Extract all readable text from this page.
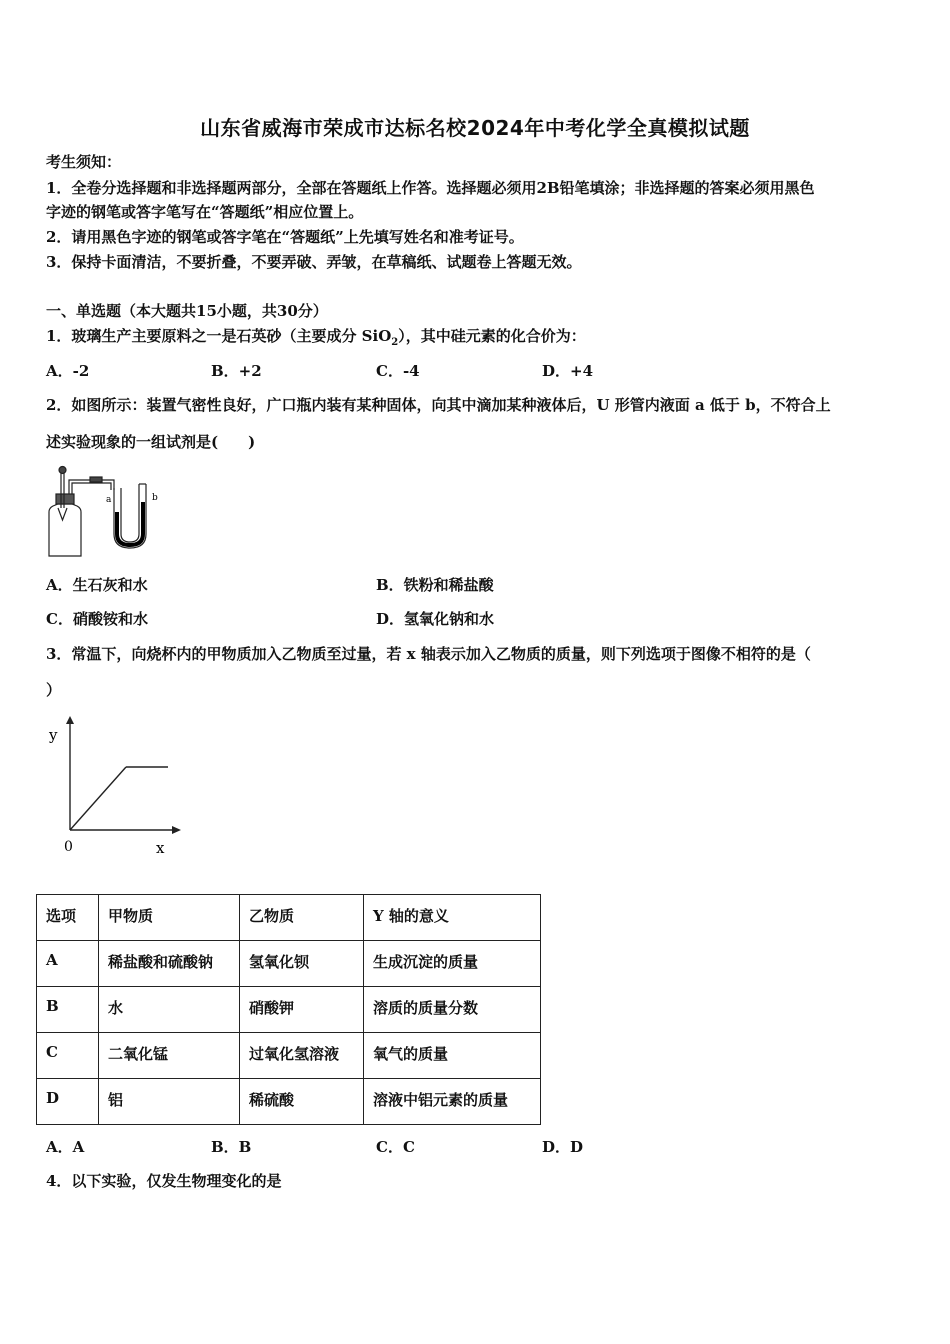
山东省威海市荣成市达标名校2024年中考化学全真模拟试题
考生须知：
1．全卷分选择题和非选择题两部分，全部在答题纸上作答。选择题必须用2B铅笔填涂；非选择题的答案必须用黑色
字迹的钢笔或答字笔写在“答题纸”相应位置上。
2．请用黑色字迹的钢笔或答字笔在“答题纸”上先填写姓名和准考证号。
3．保持卡面清洁，不要折叠，不要弄破、弄皱，在草稿纸、试题卷上答题无效。
一、单选题（本大题共15小题，共30分）
1．玻璃生产主要原料之一是石英砂（主要成分 SiO$_2$），其中硅元素的化合价为：
A．-2	B．+2	C．-4	D．+4
2．如图所示：装置气密性良好，广口瓶内装有某种固体，向其中滴加某种液体后，U 形管内液面 a 低于 b，不符合上
述实验现象的一组试剂是(　　)
a	b
A．生石灰和水	B．铁粉和稀盐酸
C．硝酸铵和水	D．氢氧化钠和水
3．常温下，向烧杯内的甲物质加入乙物质至过量，若 x 轴表示加入乙物质的质量，则下列选项于图像不相符的是（
）
y
x
0
选项	甲物质	乙物质	Y 轴的意义
A	稀盐酸和硫酸钠	氢氧化钡	生成沉淀的质量
B	水	硝酸钾	溶质的质量分数
C	二氧化锰	过氧化氢溶液	氧气的质量
D	铝	稀硫酸	溶液中铝元素的质量
A．A	B．B	C．C	D．D
4．以下实验，仅发生物理变化的是
